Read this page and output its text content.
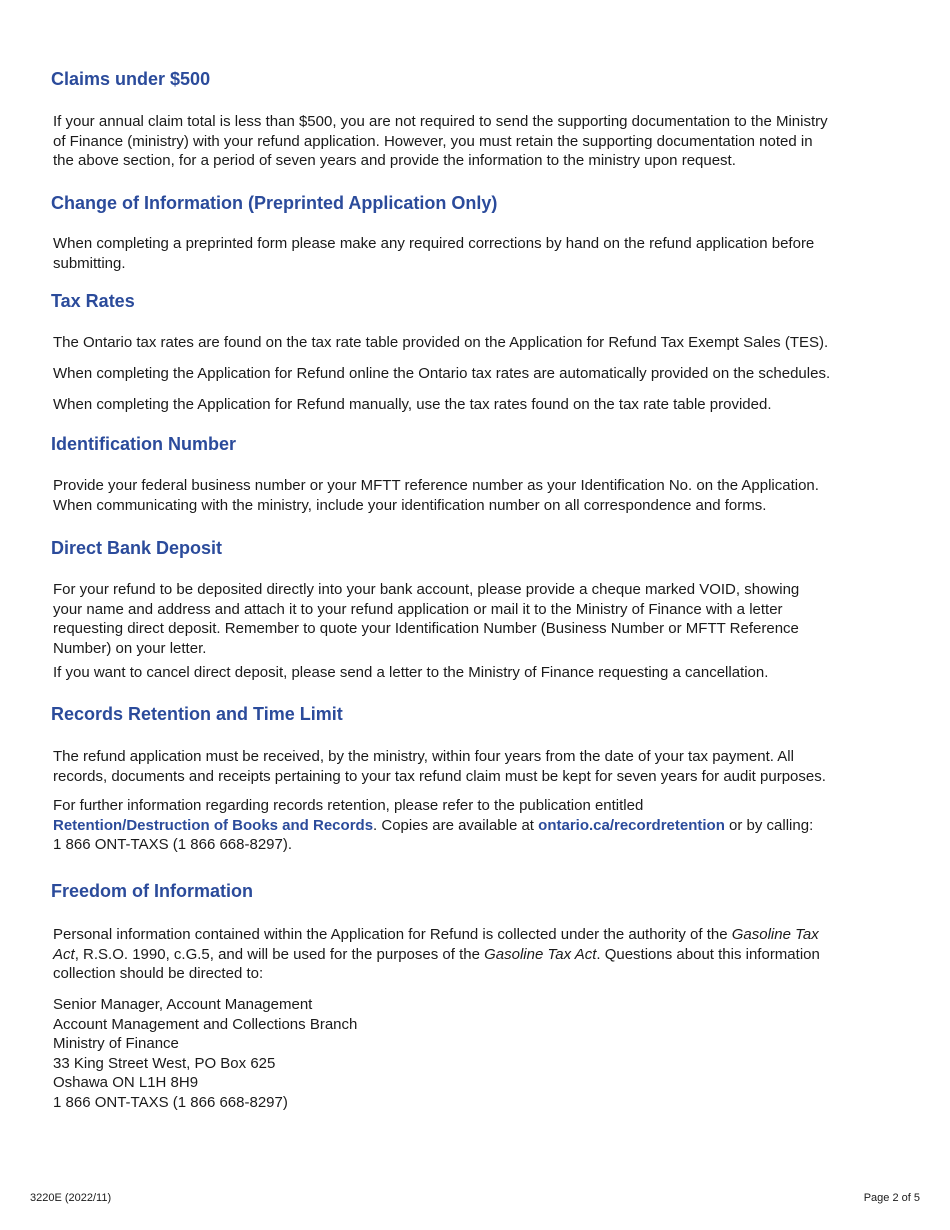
Claims under $500
If your annual claim total is less than $500, you are not required to send the supporting documentation to the Ministry
of Finance (ministry) with your refund application. However, you must retain the supporting documentation noted in
the above section, for a period of seven years and provide the information to the ministry upon request.
Change of Information (Preprinted Application Only)
When completing a preprinted form please make any required corrections by hand on the refund application before
submitting.
Tax Rates
The Ontario tax rates are found on the tax rate table provided on the Application for Refund Tax Exempt Sales (TES).
When completing the Application for Refund online the Ontario tax rates are automatically provided on the schedules.
When completing the Application for Refund manually, use the tax rates found on the tax rate table provided.
Identification Number
Provide your federal business number or your MFTT reference number as your Identification No. on the Application.
When communicating with the ministry, include your identification number on all correspondence and forms.
Direct Bank Deposit
For your refund to be deposited directly into your bank account, please provide a cheque marked VOID, showing
your name and address and attach it to your refund application or mail it to the Ministry of Finance with a letter
requesting direct deposit. Remember to quote your Identification Number (Business Number or MFTT Reference
Number) on your letter.
If you want to cancel direct deposit, please send a letter to the Ministry of Finance requesting a cancellation.
Records Retention and Time Limit
The refund application must be received, by the ministry, within four years from the date of your tax payment. All
records, documents and receipts pertaining to your tax refund claim must be kept for seven years for audit purposes.
For further information regarding records retention, please refer to the publication entitled
Retention/Destruction of Books and Records. Copies are available at ontario.ca/recordretention or by calling:
1 866 ONT-TAXS (1 866 668-8297).
Freedom of Information
Personal information contained within the Application for Refund is collected under the authority of the Gasoline Tax
Act, R.S.O. 1990, c.G.5, and will be used for the purposes of the Gasoline Tax Act. Questions about this information
collection should be directed to:
Senior Manager, Account Management
Account Management and Collections Branch
Ministry of Finance
33 King Street West, PO Box 625
Oshawa ON L1H 8H9
1 866 ONT-TAXS (1 866 668-8297)
3220E (2022/11)	Page 2 of 5
